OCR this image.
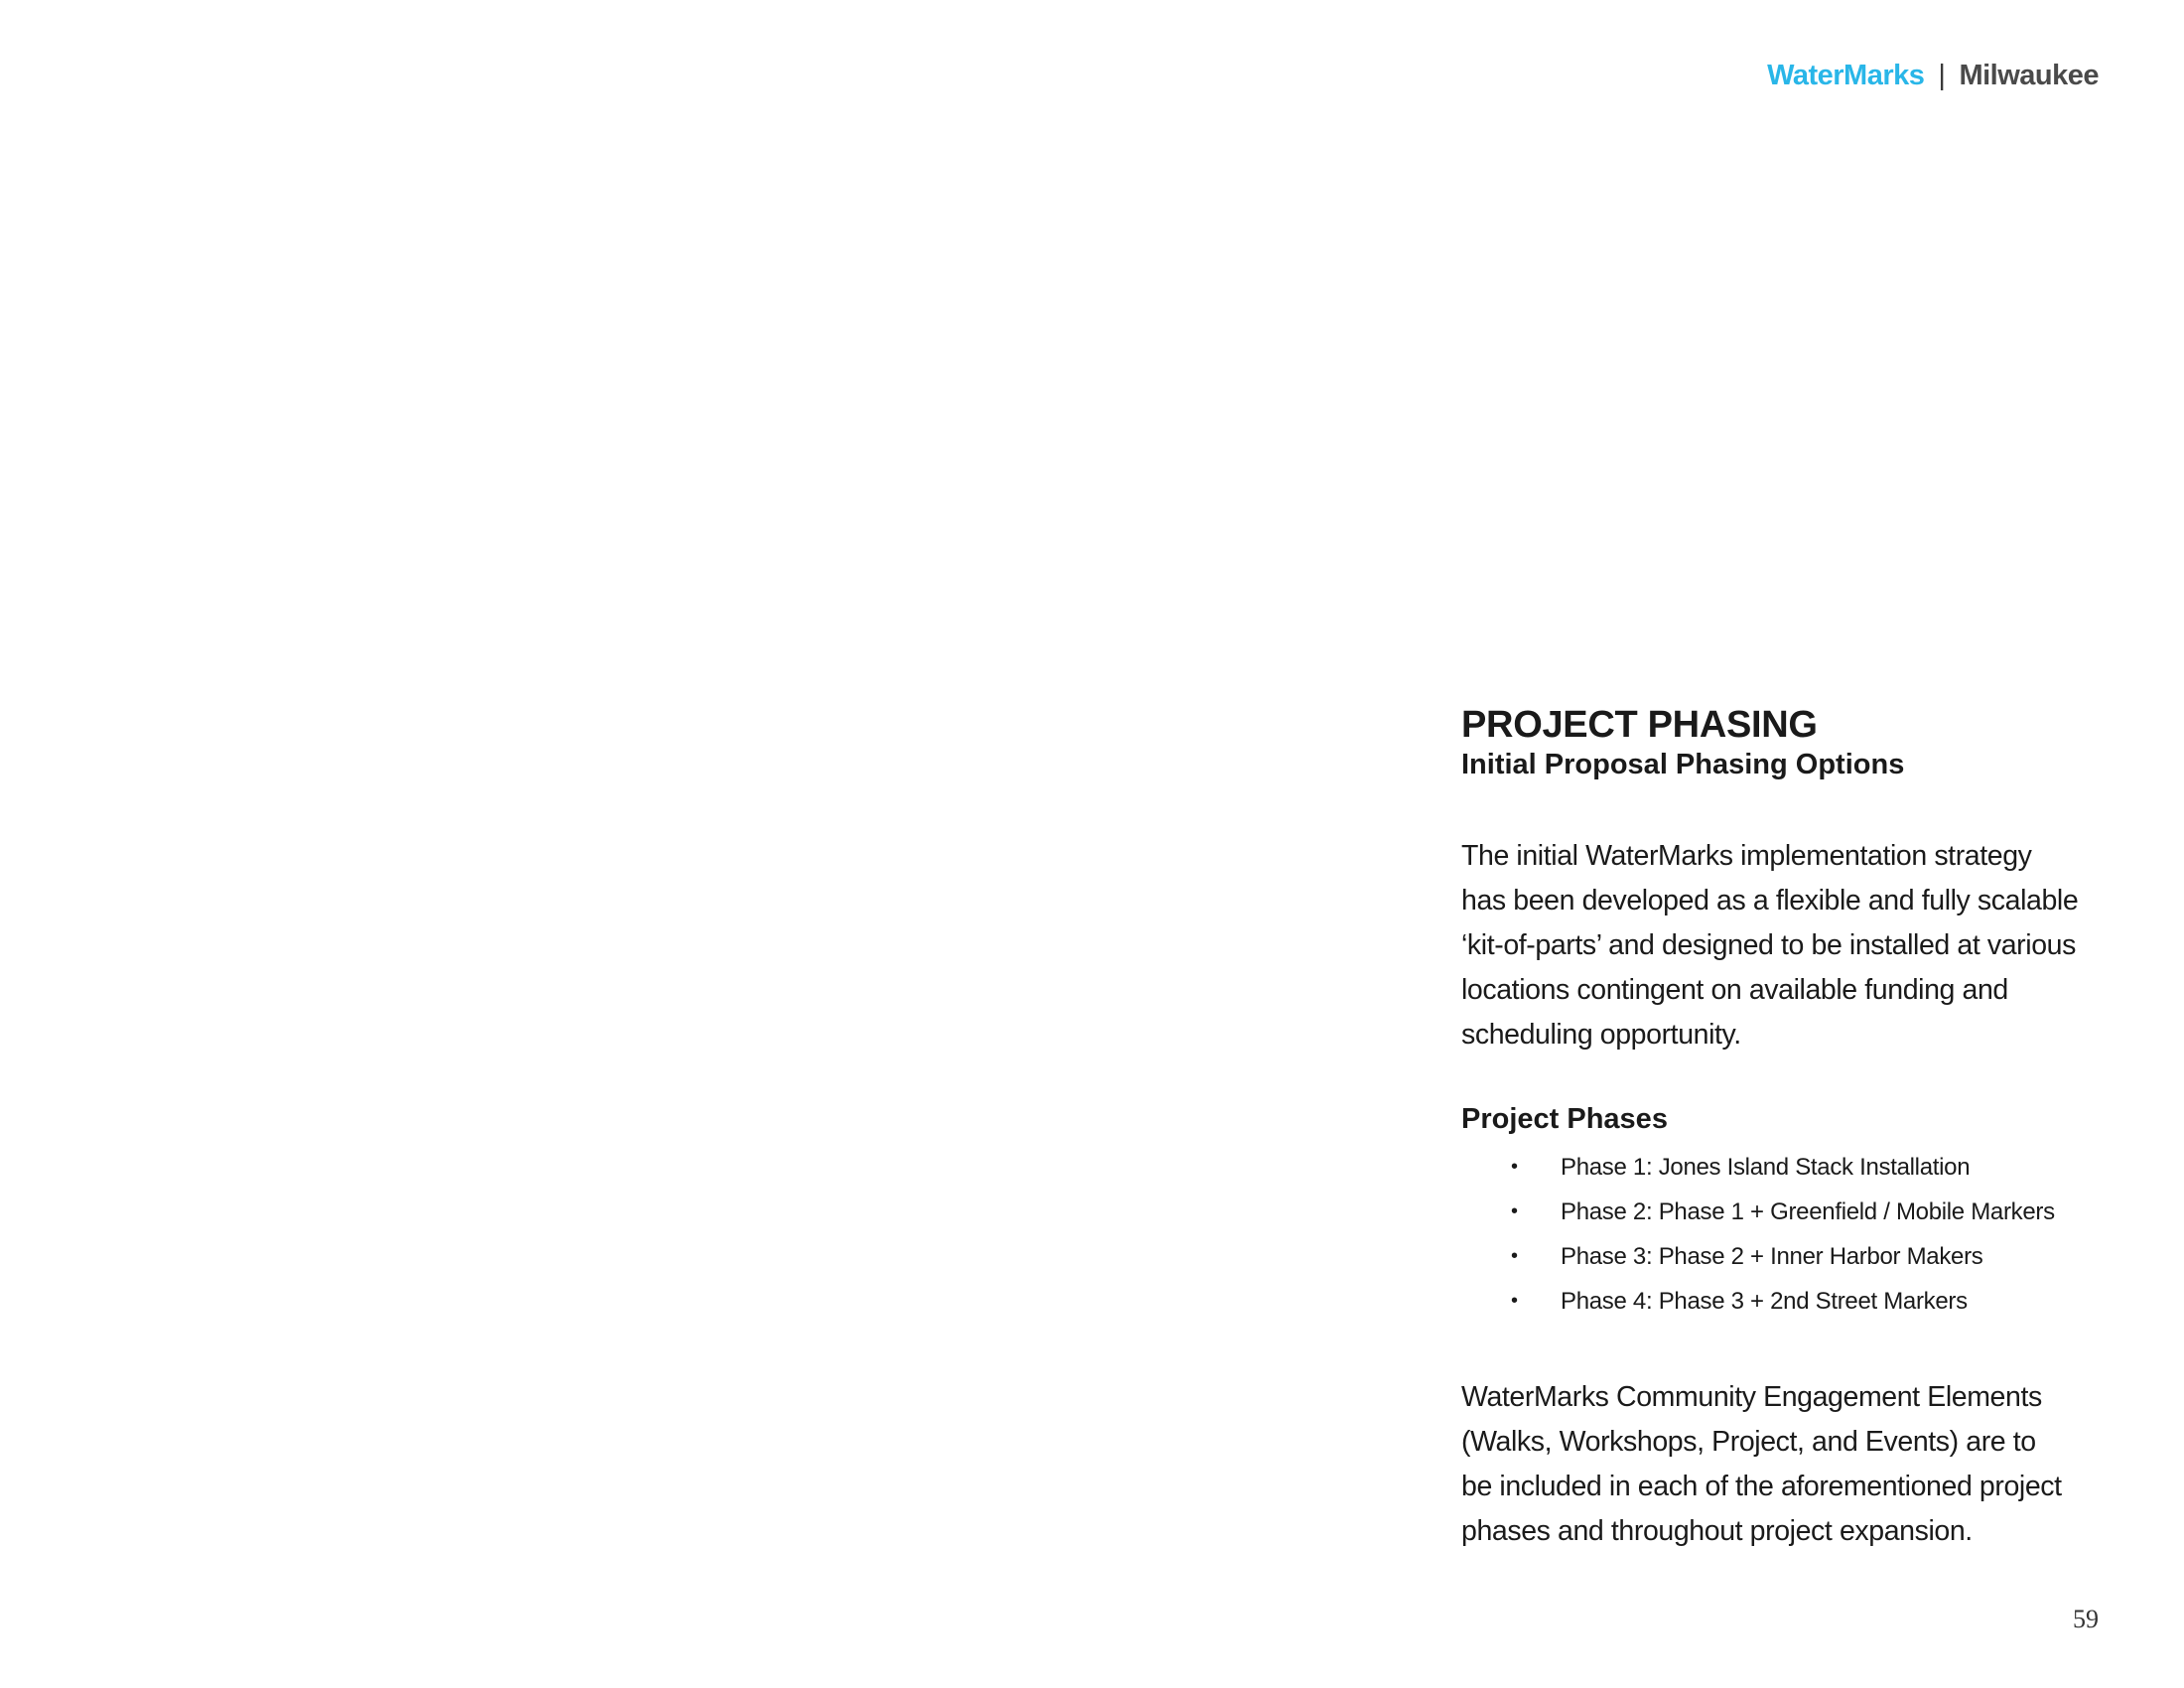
WaterMarks | Milwaukee
PROJECT PHASING
Initial Proposal Phasing Options
The initial WaterMarks implementation strategy
has been developed as a flexible and fully scalable
‘kit-of-parts’ and designed to be installed at various
locations contingent on available funding and
scheduling opportunity.
Project Phases
• Phase 1: Jones Island Stack Installation
• Phase 2: Phase 1 + Greenfield / Mobile Markers
• Phase 3: Phase 2 + Inner Harbor Makers
• Phase 4: Phase 3 + 2nd Street Markers
WaterMarks Community Engagement Elements
(Walks, Workshops, Project, and Events) are to
be included in each of the aforementioned project
phases and throughout project expansion.
59
